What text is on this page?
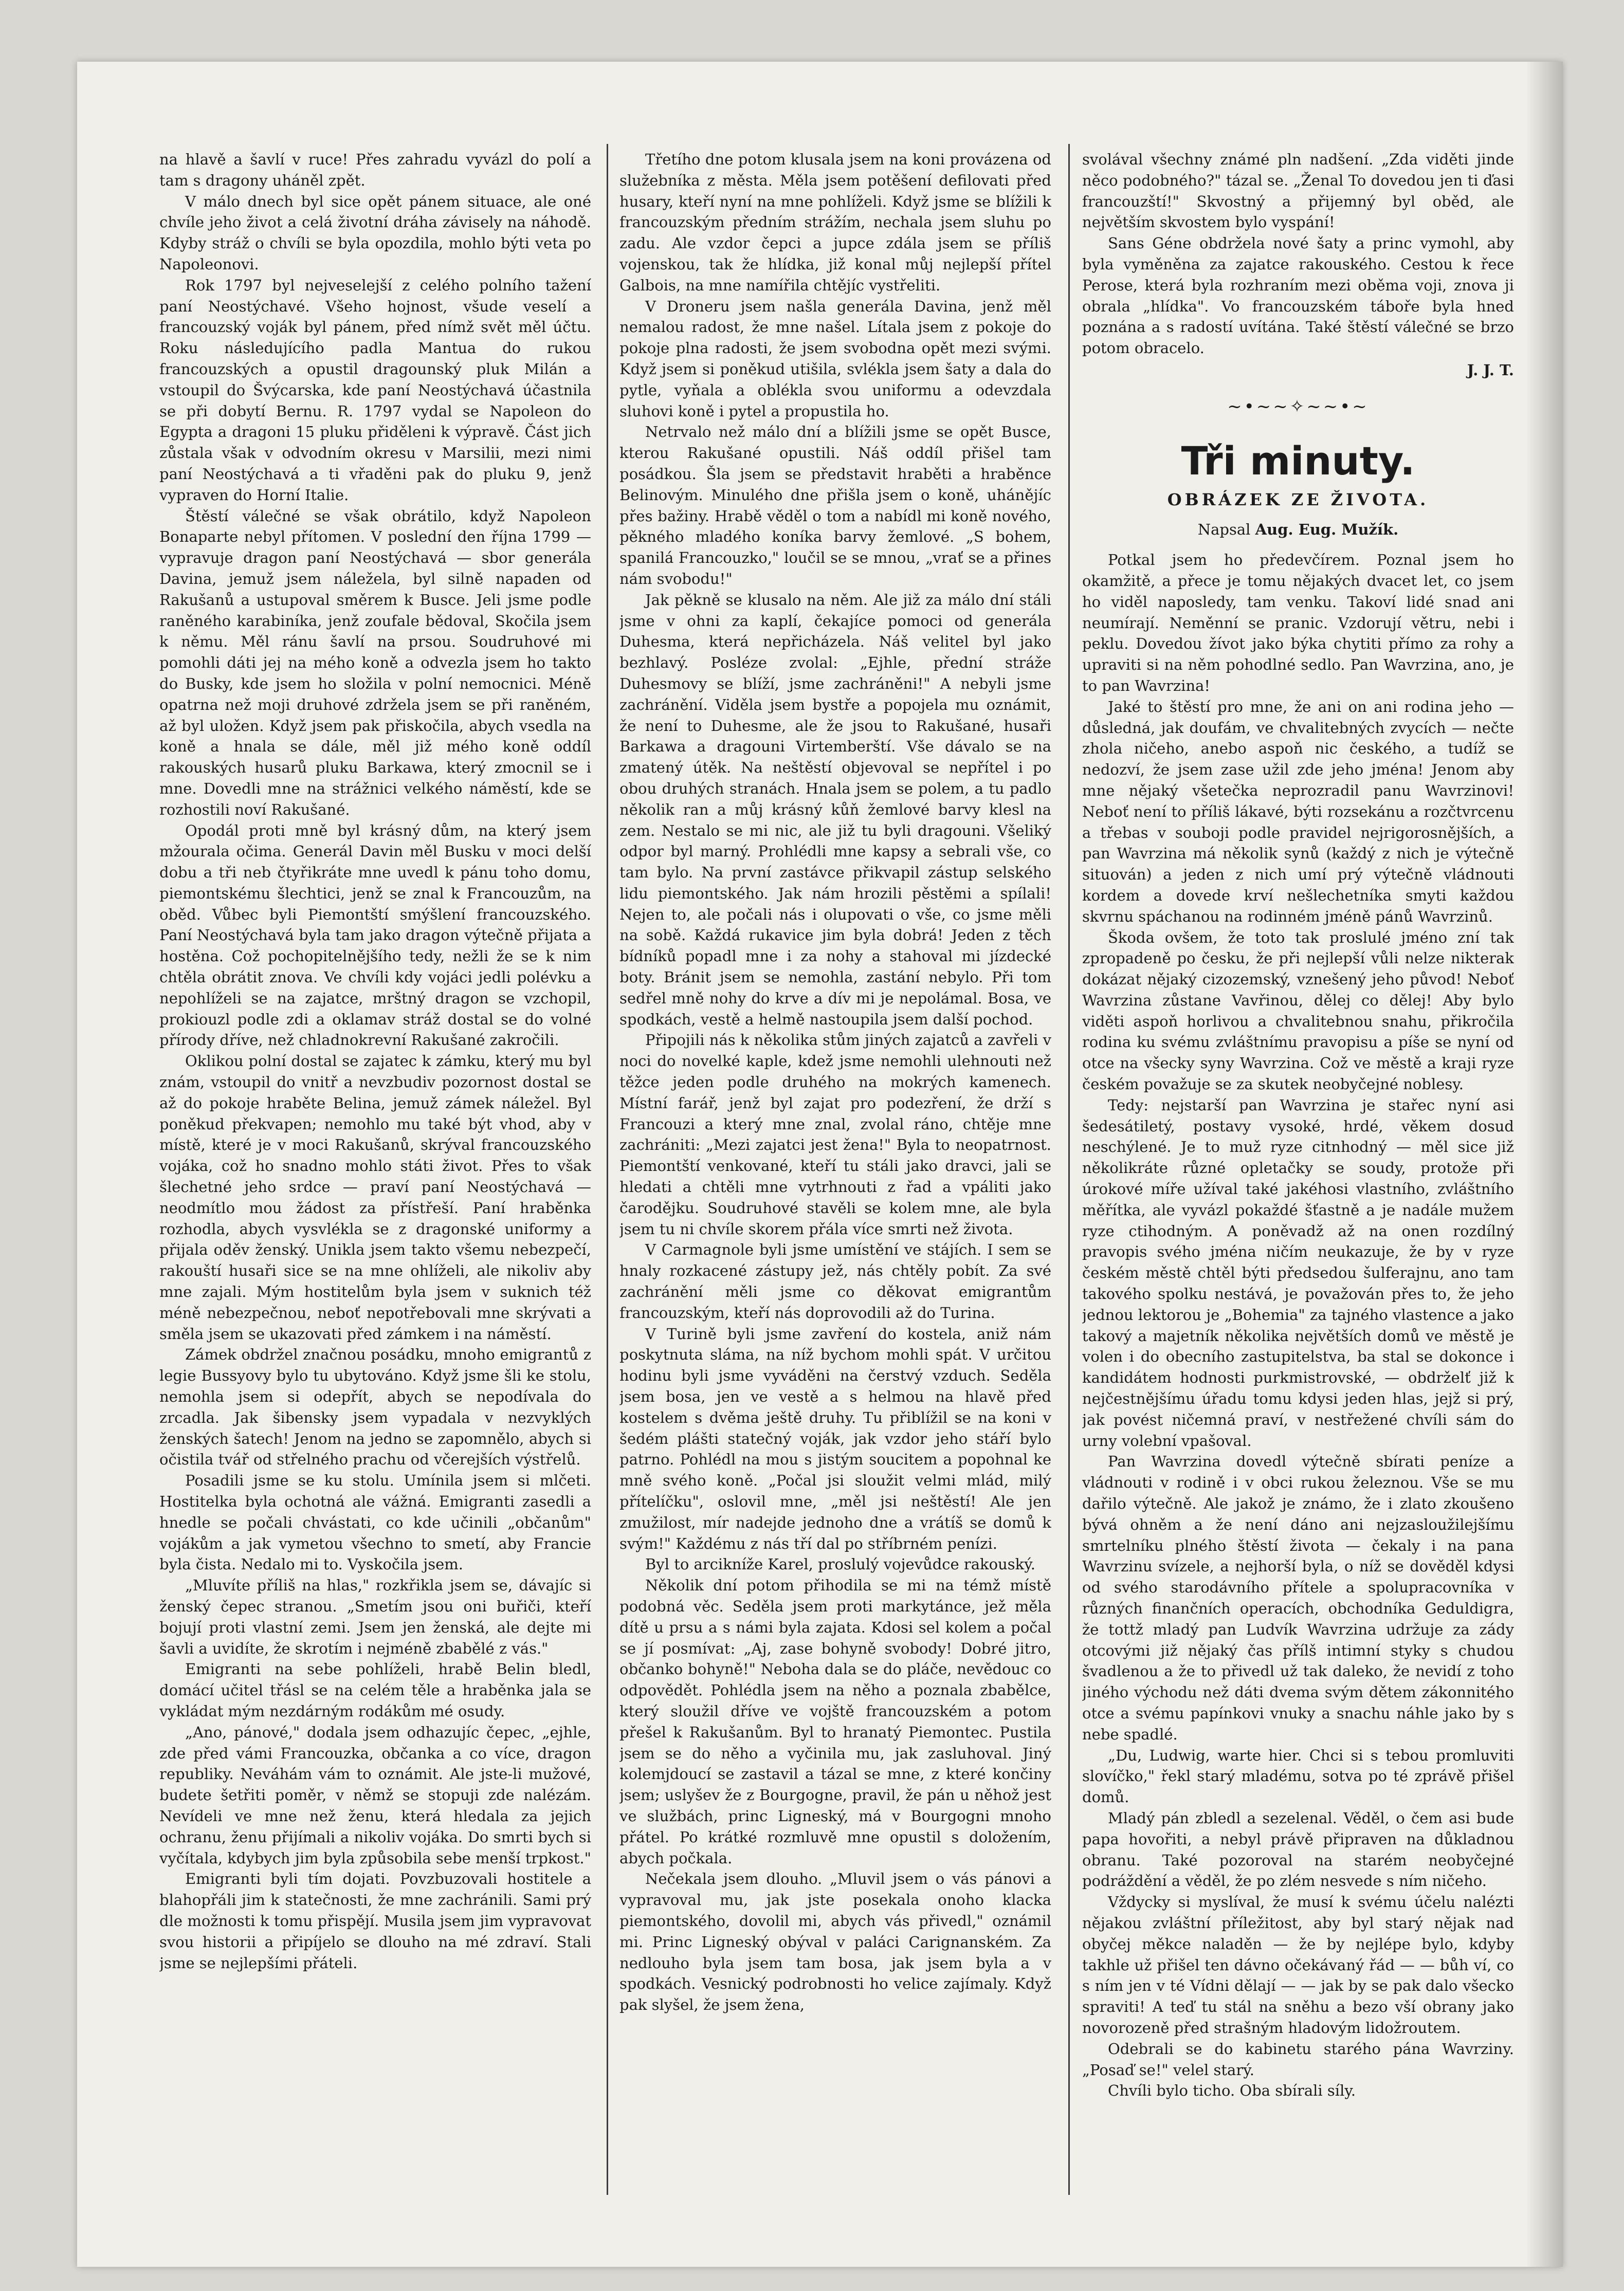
na hlavě a šavlí v ruce! Přes zahradu vyvázl do polí a tam s dragony uháněl zpět.

V málo dnech byl sice opět pánem situace, ale oné chvíle jeho život a celá životní dráha závisely na náhodě. Kdyby stráž o chvíli se byla opozdila, mohlo býti veta po Napoleonovi.

Rok 1797 byl nejveselejší z celého polního tažení paní Neostýchavé. Všeho hojnost, všude veselí a francouzský voják byl pánem, před nímž svět měl účtu. Roku následujícího padla Mantua do rukou francouzských a opustil dragounský pluk Milán a vstoupil do Švýcarska, kde paní Neostýchavá účastnila se při dobytí Bernu. R. 1797 vydal se Napoleon do Egypta a dragoni 15 pluku přiděleni k výpravě. Část jich zůstala však v odvodním okresu v Marsilii, mezi nimi paní Neostýchavá a ti vřaděni pak do pluku 9, jenž vypraven do Horní Italie.

Štěstí válečné se však obrátilo, když Napoleon Bonaparte nebyl přítomen. V poslední den října 1799 — vypravuje dragon paní Neostýchavá — sbor generála Davina, jemuž jsem náležela, byl silně napaden od Rakušanů a ustupoval směrem k Busce. Jeli jsme podle raněného karabiníka, jenž zoufale bědoval, Skočila jsem k němu. Měl ránu šavlí na prsou. Soudruhové mi pomohli dáti jej na mého koně a odvezla jsem ho takto do Busky, kde jsem ho složila v polní nemocnici. Méně opatrna než moji druhové zdržela jsem se při raněném, až byl uložen. Když jsem pak přiskočila, abych vsedla na koně a hnala se dále, měl již mého koně oddíl rakouských husarů pluku Barkawa, který zmocnil se i mne. Dovedli mne na strážnici velkého náměstí, kde se rozhostili noví Rakušané.

Opodál proti mně byl krásný dům, na který jsem mžourala očima. Generál Davin měl Busku v moci delší dobu a tři neb čtyřikráte mne uvedl k pánu toho domu, piemontskému šlechtici, jenž se znal k Francouzům, na oběd. Vůbec byli Piemontští smýšlení francouzského. Paní Neostýchavá byla tam jako dragon výtečně přijata a hostěna. Což pochopitelnějšího tedy, nežli že se k nim chtěla obrátit znova. Ve chvíli kdy vojáci jedli polévku a nepohlíželi se na zajatce, mrštný dragon se vzchopil, prokiouzl podle zdi a oklamav stráž dostal se do volné přírody dříve, než chladnokrevní Rakušané zakročili.

Oklikou polní dostal se zajatec k zámku, který mu byl znám, vstoupil do vnitř a nevzbudiv pozornost dostal se až do pokoje hraběte Belina, jemuž zámek náležel. Byl poněkud překvapen; nemohlo mu také být vhod, aby v místě, které je v moci Rakušanů, skrýval francouzského vojáka, což ho snadno mohlo státi život. Přes to však šlechetné jeho srdce — praví paní Neostýchavá — neodmítlo mou žádost za přístřeší. Paní hraběnka rozhodla, abych vysvlékla se z dragonské uniformy a přijala oděv ženský. Unikla jsem takto všemu nebezpečí, rakouští husaři sice se na mne ohlíželi, ale nikoliv aby mne zajali. Mým hostitelům byla jsem v suknich též méně nebezpečnou, neboť nepotřebovali mne skrývati a směla jsem se ukazovati před zámkem i na náměstí.

Zámek obdržel značnou posádku, mnoho emigrantů z legie Bussyovy bylo tu ubytováno. Když jsme šli ke stolu, nemohla jsem si odepřít, abych se nepodívala do zrcadla. Jak šibensky jsem vypadala v nezvyklých ženských šatech! Jenom na jedno se zapomnělo, abych si očistila tvář od střelného prachu od včerejších výstřelů.

Posadili jsme se ku stolu. Umínila jsem si mlčeti. Hostitelka byla ochotná ale vážná. Emigranti zasedli a hnedle se počali chvástati, co kde učinili „občanům" vojákům a jak vymetou všechno to smetí, aby Francie byla čista. Nedalo mi to. Vyskočila jsem.

„Mluvíte příliš na hlas," rozkřikla jsem se, dávajíc si ženský čepec stranou. „Smetím jsou oni buřiči, kteří bojují proti vlastní zemi. Jsem jen ženská, ale dejte mi šavli a uvidíte, že skrotím i nejméně zbabělé z vás."

Emigranti na sebe pohlíželi, hrabě Belin bledl, domácí učitel třásl se na celém těle a hraběnka jala se vykládat mým nezdárným rodákům mé osudy.

„Ano, pánové," dodala jsem odhazujíc čepec, „ejhle, zde před vámi Francouzka, občanka a co více, dragon republiky. Neváhám vám to oznámit. Ale jste-li mužové, budete šetřiti poměr, v němž se stopuji zde nalézám. Nevídeli ve mne než ženu, která hledala za jejich ochranu, ženu přijímali a nikoliv vojáka. Do smrti bych si vyčítala, kdybych jim byla způsobila sebe menší trpkost."

Emigranti byli tím dojati. Povzbuzovali hostitele a blahopřáli jim k statečnosti, že mne zachránili. Sami prý dle možnosti k tomu přispějí. Musila jsem jim vypravovat svou historii a připíjelo se dlouho na mé zdraví. Stali jsme se nejlepšími přáteli.

Třetího dne potom klusala jsem na koni provázena od služebníka z města. Měla jsem potěšení defilovati před husary, kteří nyní na mne pohlíželi. Když jsme se blížili k francouzským předním strážím, nechala jsem sluhu po zadu. Ale vzdor čepci a jupce zdála jsem se příliš vojenskou, tak že hlídka, již konal můj nejlepší přítel Galbois, na mne namířila chtějíc vystřeliti.

V Droneru jsem našla generála Davina, jenž měl nemalou radost, že mne našel. Lítala jsem z pokoje do pokoje plna radosti, že jsem svobodna opět mezi svými. Když jsem si poněkud utišila, svlékla jsem šaty a dala do pytle, vyňala a oblékla svou uniformu a odevzdala sluhovi koně i pytel a propustila ho.

Netrvalo než málo dní a blížili jsme se opět Busce, kterou Rakušané opustili. Náš oddíl přišel tam posádkou. Šla jsem se představit hraběti a hraběnce Belinovým. Minulého dne přišla jsem o koně, uhánějíc přes bažiny. Hrabě věděl o tom a nabídl mi koně nového, pěkného mladého koníka barvy žemlové. „S bohem, spanilá Francouzko," loučil se se mnou, „vrať se a přines nám svobodu!"

Jak pěkně se klusalo na něm. Ale již za málo dní stáli jsme v ohni za kaplí, čekajíce pomoci od generála Duhesma, která nepřicházela. Náš velitel byl jako bezhlavý. Posléze zvolal: „Ejhle, přední stráže Duhesmovy se blíží, jsme zachráněni!" A nebyli jsme zachránění. Viděla jsem bystře a popojela mu oznámit, že není to Duhesme, ale že jsou to Rakušané, husaři Barkawa a dragouni Virtemberští. Vše dávalo se na zmatený útěk. Na neštěstí objevoval se nepřítel i po obou druhých stranách. Hnala jsem se polem, a tu padlo několik ran a můj krásný kůň žemlové barvy klesl na zem. Nestalo se mi nic, ale již tu byli dragouni. Všeliký odpor byl marný. Prohlédli mne kapsy a sebrali vše, co tam bylo. Na první zastávce přikvapil zástup selského lidu piemontského. Jak nám hrozili pěstěmi a spílali! Nejen to, ale počali nás i olupovati o vše, co jsme měli na sobě. Každá rukavice jim byla dobrá! Jeden z těch bídníků popadl mne i za nohy a stahoval mi jízdecké boty. Bránit jsem se nemohla, zastání nebylo. Při tom sedřel mně nohy do krve a dív mi je nepolámal. Bosa, ve spodkách, vestě a helmě nastoupila jsem další pochod.

Připojili nás k několika stům jiných zajatců a zavřeli v noci do novelké kaple, kdež jsme nemohli ulehnouti než těžce jeden podle druhého na mokrých kamenech. Místní farář, jenž byl zajat pro podezření, že drží s Francouzi a který mne znal, zvolal ráno, chtěje mne zachrániti: „Mezi zajatci jest žena!" Byla to neopatrnost. Piemontští venkované, kteří tu stáli jako dravci, jali se hledati a chtěli mne vytrhnouti z řad a vpáliti jako čarodějku. Soudruhové stavěli se kolem mne, ale byla jsem tu ni chvíle skorem přála více smrti než života.

V Carmagnole byli jsme umístění ve stájích. I sem se hnaly rozkacené zástupy jež, nás chtěly pobít. Za své zachránění měli jsme co děkovat emigrantům francouzským, kteří nás doprovodili až do Turina.

V Turině byli jsme zavření do kostela, aniž nám poskytnuta sláma, na níž bychom mohli spát. V určitou hodinu byli jsme vyváděni na čerstvý vzduch. Seděla jsem bosa, jen ve vestě a s helmou na hlavě před kostelem s dvěma ještě druhy. Tu přiblížil se na koni v šedém plášti statečný voják, jak vzdor jeho stáří bylo patrno. Pohlédl na mou s jistým soucitem a popohnal ke mně svého koně. „Počal jsi sloužit velmi mlád, milý přítelíčku", oslovil mne, „měl jsi neštěstí! Ale jen zmužilost, mír nadejde jednoho dne a vrátíš se domů k svým!" Každému z nás tří dal po stříbrném penízi.

Byl to arcikníže Karel, proslulý vojevůdce rakouský.

Několik dní potom přihodila se mi na témž místě podobná věc. Seděla jsem proti markytánce, jež měla dítě u prsu a s námi byla zajata. Kdosi sel kolem a počal se jí posmívat: „Aj, zase bohyně svobody! Dobré jitro, občanko bohyně!" Neboha dala se do pláče, nevědouc co odpovědět. Pohlédla jsem na něho a poznala zbabělce, který sloužil dříve ve vojště francouzském a potom přešel k Rakušanům. Byl to hranatý Piemontec. Pustila jsem se do něho a vyčinila mu, jak zasluhoval. Jiný kolemjdoucí se zastavil a tázal se mne, z které končiny jsem; uslyšev že z Bourgogne, pravil, že pán u něhož jest ve službách, princ Ligneský, má v Bourgogni mnoho přátel. Po krátké rozmluvě mne opustil s doložením, abych počkala.

Nečekala jsem dlouho. „Mluvil jsem o vás pánovi a vypravoval mu, jak jste posekala onoho klacka piemontského, dovolil mi, abych vás přivedl," oznámil mi. Princ Ligneský obýval v paláci Carignanském. Za nedlouho byla jsem tam bosa, jak jsem byla a v spodkách. Vesnický podrobnosti ho velice zajímaly. Když pak slyšel, že jsem žena,

svolával všechny známé pln nadšení. „Zda viděti jinde něco podobného?" tázal se. „Ženal To dovedou jen ti ďasi francouzští!" Skvostný a přijemný byl oběd, ale největším skvostem bylo vyspání!

Sans Géne obdržela nové šaty a princ vymohl, aby byla vyměněna za zajatce rakouského. Cestou k řece Perose, která byla rozhraním mezi oběma voji, znova ji obrala „hlídka". Vo francouzském táboře byla hned poznána a s radostí uvítána. Také štěstí válečné se brzo potom obracelo.

J. J. T.
~•~~✧~~•~
Tři minuty.
OBRÁZEK ZE ŽIVOTA.
Napsal Aug. Eug. Mužík.

Potkal jsem ho předevčírem. Poznal jsem ho okamžitě, a přece je tomu nějakých dvacet let, co jsem ho viděl naposledy, tam venku. Takoví lidé snad ani neumírají. Neměnní se pranic. Vzdorují větru, nebi i peklu. Dovedou žívot jako býka chytiti přímo za rohy a upraviti si na něm pohodlné sedlo. Pan Wavrzina, ano, je to pan Wavrzina!

Jaké to štěstí pro mne, že ani on ani rodina jeho — důsledná, jak doufám, ve chvalitebných zvycích — nečte zhola ničeho, anebo aspoň nic českého, a tudíž se nedozví, že jsem zase užil zde jeho jména! Jenom aby mne nějaký všetečka neprozradil panu Wavrzinovi! Neboť není to příliš lákavé, býti rozsekánu a rozčtvrcenu a třebas v souboji podle pravidel nejrigorosnějších, a pan Wavrzina má několik synů (každý z nich je výtečně situován) a jeden z nich umí prý výtečně vládnouti kordem a dovede krví nešlechetníka smyti každou skvrnu spáchanou na rodinném jméně pánů Wavrzinů.

Škoda ovšem, že toto tak proslulé jméno zní tak zpropadeně po česku, že při nejlepší vůli nelze nikterak dokázat nějaký cizozemský, vznešený jeho původ! Neboť Wavrzina zůstane Vavřinou, dělej co dělej! Aby bylo viděti aspoň horlivou a chvalitebnou snahu, přikročila rodina ku svému zvláštnímu pravopisu a píše se nyní od otce na všecky syny Wavrzina. Což ve městě a kraji ryze českém považuje se za skutek neobyčejné noblesy.

Tedy: nejstarší pan Wavrzina je stařec nyní asi šedesátiletý, postavy vysoké, hrdé, věkem dosud neschýlené. Je to muž ryze citnhodný — měl sice již několikráte různé opletačky se soudy, protože při úrokové míře užíval také jakéhosi vlastního, zvláštního měřítka, ale vyvázl pokaždé šťastně a je nadále mužem ryze ctihodným. A poněvadž až na onen rozdílný pravopis svého jména ničím neukazuje, že by v ryze českém městě chtěl býti předsedou šulferajnu, ano tam takového spolku nestává, je považován přes to, že jeho jednou lektorou je „Bohemia" za tajného vlastence a jako takový a majetník několika největších domů ve městě je volen i do obecního zastupitelstva, ba stal se dokonce i kandidátem hodnosti purkmistrovské, — obdrželť již k nejčestnějšímu úřadu tomu kdysi jeden hlas, jejž si prý, jak povést ničemná praví, v nestřežené chvíli sám do urny volební vpašoval.

Pan Wavrzina dovedl výtečně sbírati peníze a vládnouti v rodině i v obci rukou železnou. Vše se mu dařilo výtečně. Ale jakož je známo, že i zlato zkoušeno bývá ohněm a že není dáno ani nejzasloužilejšímu smrtelníku plného štěstí života — čekaly i na pana Wavrzinu svízele, a nejhorší byla, o níž se dověděl kdysi od svého starodávního přítele a spolupracovníka v různých finančních operacích, obchodníka Geduldigra, že tottž mladý pan Ludvík Wavrzina udržuje za zády otcovými již nějaký čas přílš intimní styky s chudou švadlenou a že to přivedl už tak daleko, že nevidí z toho jiného východu než dáti dvema svým dětem zákonnitého otce a svému papínkovi vnuky a snachu náhle jako by s nebe spadlé.

„Du, Ludwig, warte hier. Chci si s tebou promluviti slovíčko," řekl starý mladému, sotva po té zprávě přišel domů.

Mladý pán zbledl a sezelenal. Věděl, o čem asi bude papa hovořiti, a nebyl právě připraven na důkladnou obranu. Také pozoroval na starém neobyčejné podráždění a věděl, že po zlém nesvede s ním ničeho.

Vždycky si myslíval, že musí k svému účelu nalézti nějakou zvláštní příležitost, aby byl starý nějak nad obyčej měkce naladěn — že by nejlépe bylo, kdyby takhle už přišel ten dávno očekávaný řád — — bůh ví, co s ním jen v té Vídni dělají — — jak by se pak dalo všecko spraviti! A teď tu stál na sněhu a bezo vší obrany jako novorozeně před strašným hladovým lidožroutem.

Odebrali se do kabinetu starého pána Wavrziny. „Posaď se!" velel starý.

Chvíli bylo ticho. Oba sbírali síly.
